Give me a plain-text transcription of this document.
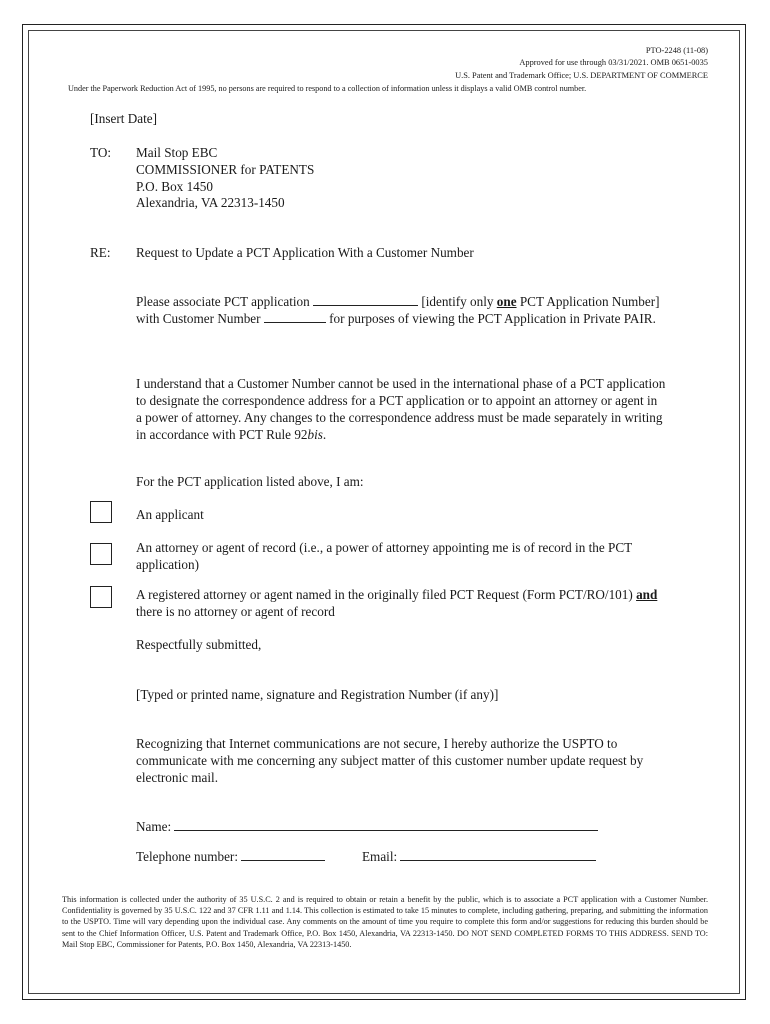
PTO-2248 (11-08)
Approved for use through 03/31/2021. OMB 0651-0035
U.S. Patent and Trademark Office; U.S. DEPARTMENT OF COMMERCE
Under the Paperwork Reduction Act of 1995, no persons are required to respond to a collection of information unless it displays a valid OMB control number.
[Insert Date]
TO: Mail Stop EBC
COMMISSIONER for PATENTS
P.O. Box 1450
Alexandria, VA 22313-1450
RE: Request to Update a PCT Application With a Customer Number
Please associate PCT application	[identify only one PCT Application Number] with Customer Number	for purposes of viewing the PCT Application in Private PAIR.
I understand that a Customer Number cannot be used in the international phase of a PCT application to designate the correspondence address for a PCT application or to appoint an attorney or agent in a power of attorney. Any changes to the correspondence address must be made separately in writing in accordance with PCT Rule 92bis.
For the PCT application listed above, I am:
An applicant
An attorney or agent of record (i.e., a power of attorney appointing me is of record in the PCT application)
A registered attorney or agent named in the originally filed PCT Request (Form PCT/RO/101) and there is no attorney or agent of record
Respectfully submitted,
[Typed or printed name, signature and Registration Number (if any)]
Recognizing that Internet communications are not secure, I hereby authorize the USPTO to communicate with me concerning any subject matter of this customer number update request by electronic mail.
Name:
Telephone number:	Email:
This information is collected under the authority of 35 U.S.C. 2 and is required to obtain or retain a benefit by the public, which is to associate a PCT application with a Customer Number. Confidentiality is governed by 35 U.S.C. 122 and 37 CFR 1.11 and 1.14. This collection is estimated to take 15 minutes to complete, including gathering, preparing, and submitting the information to the USPTO. Time will vary depending upon the individual case. Any comments on the amount of time you require to complete this form and/or suggestions for reducing this burden should be sent to the Chief Information Officer, U.S. Patent and Trademark Office, P.O. Box 1450, Alexandria, VA 22313-1450. DO NOT SEND COMPLETED FORMS TO THIS ADDRESS. SEND TO: Mail Stop EBC, Commissioner for Patents, P.O. Box 1450, Alexandria, VA 22313-1450.
